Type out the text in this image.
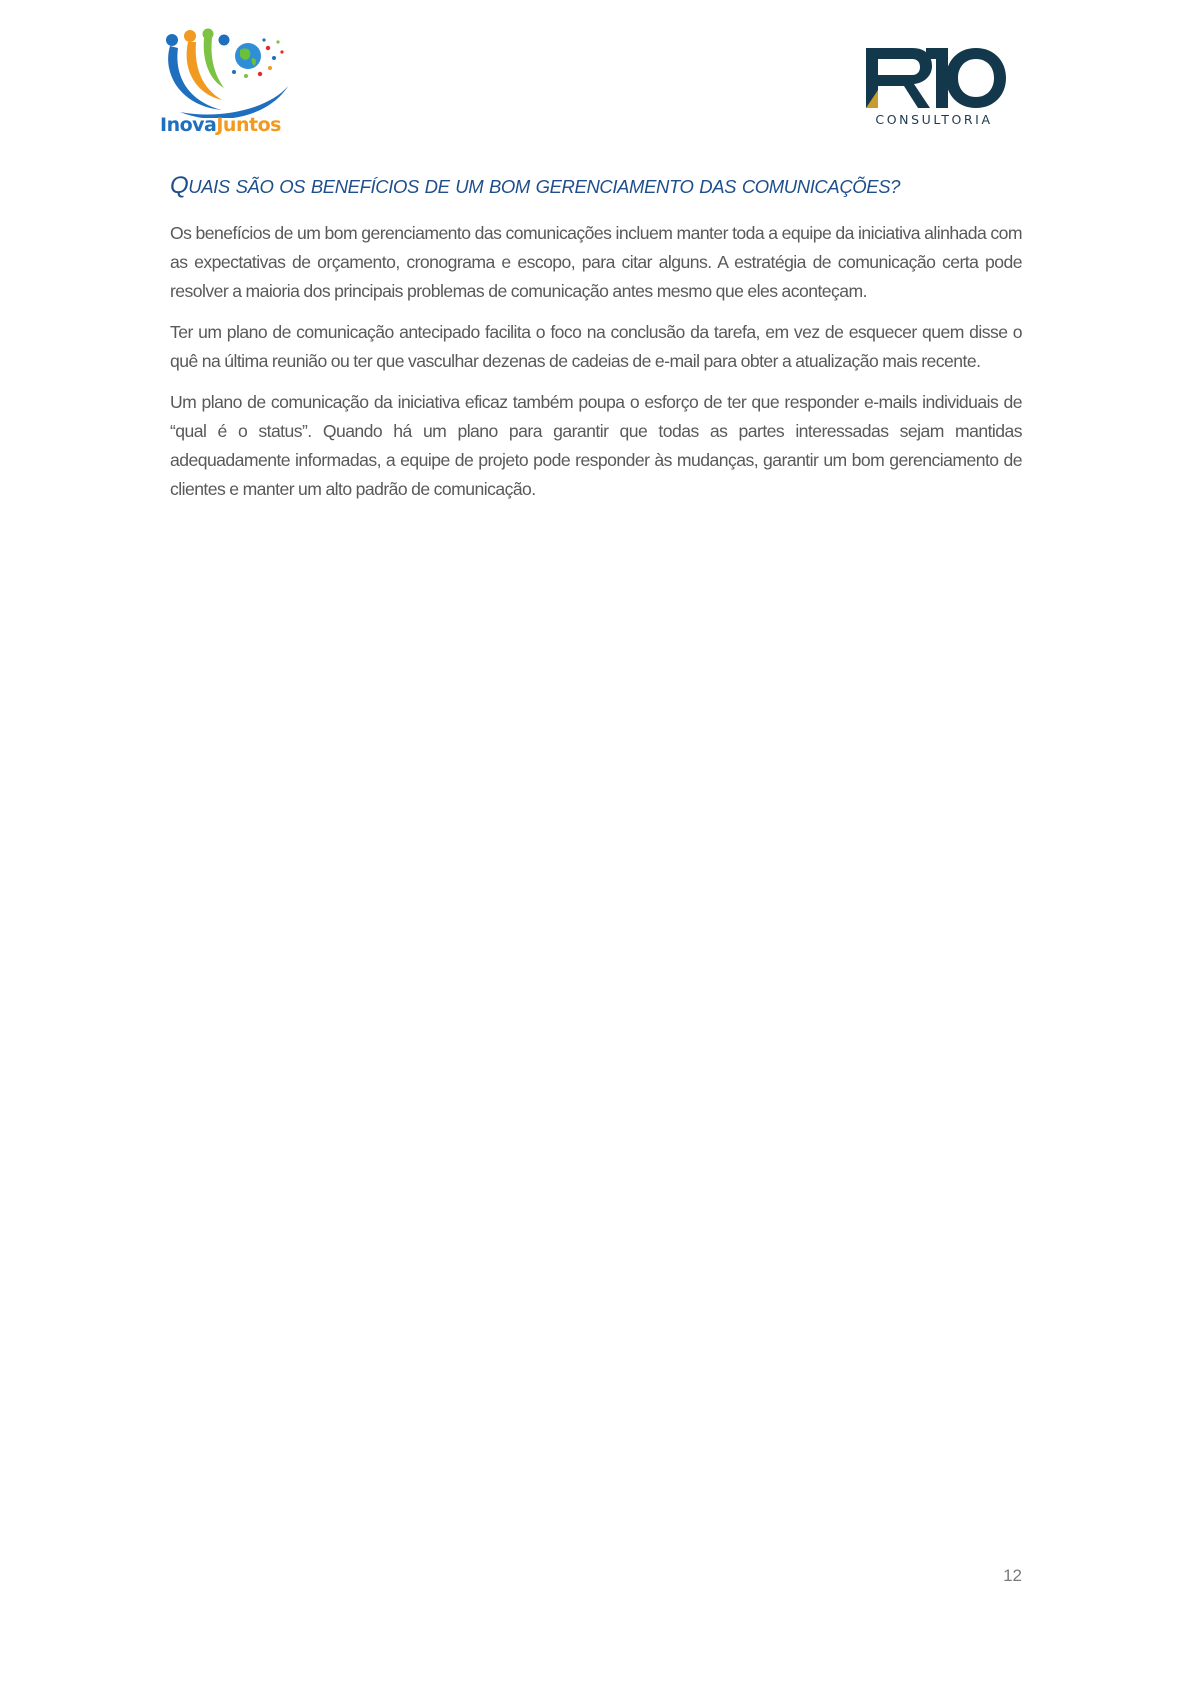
InovaJuntos	CONSULTORIA
QUAIS SÃO OS BENEFÍCIOS DE UM BOM GERENCIAMENTO DAS COMUNICAÇÕES?

Os benefícios de um bom gerenciamento das comunicações incluem manter toda a equipe da iniciativa alinhada com as expectativas de orçamento, cronograma e escopo, para citar alguns. A estratégia de comunicação certa pode resolver a maioria dos principais problemas de comunicação antes mesmo que eles aconteçam.

Ter um plano de comunicação antecipado facilita o foco na conclusão da tarefa, em vez de esquecer quem disse o quê na última reunião ou ter que vasculhar dezenas de cadeias de e-mail para obter a atualização mais recente.

Um plano de comunicação da iniciativa eficaz também poupa o esforço de ter que responder e-mails individuais de “qual é o status”. Quando há um plano para garantir que todas as partes interessadas sejam mantidas adequadamente informadas, a equipe de projeto pode responder às mudanças, garantir um bom gerenciamento de clientes e manter um alto padrão de comunicação.

12
